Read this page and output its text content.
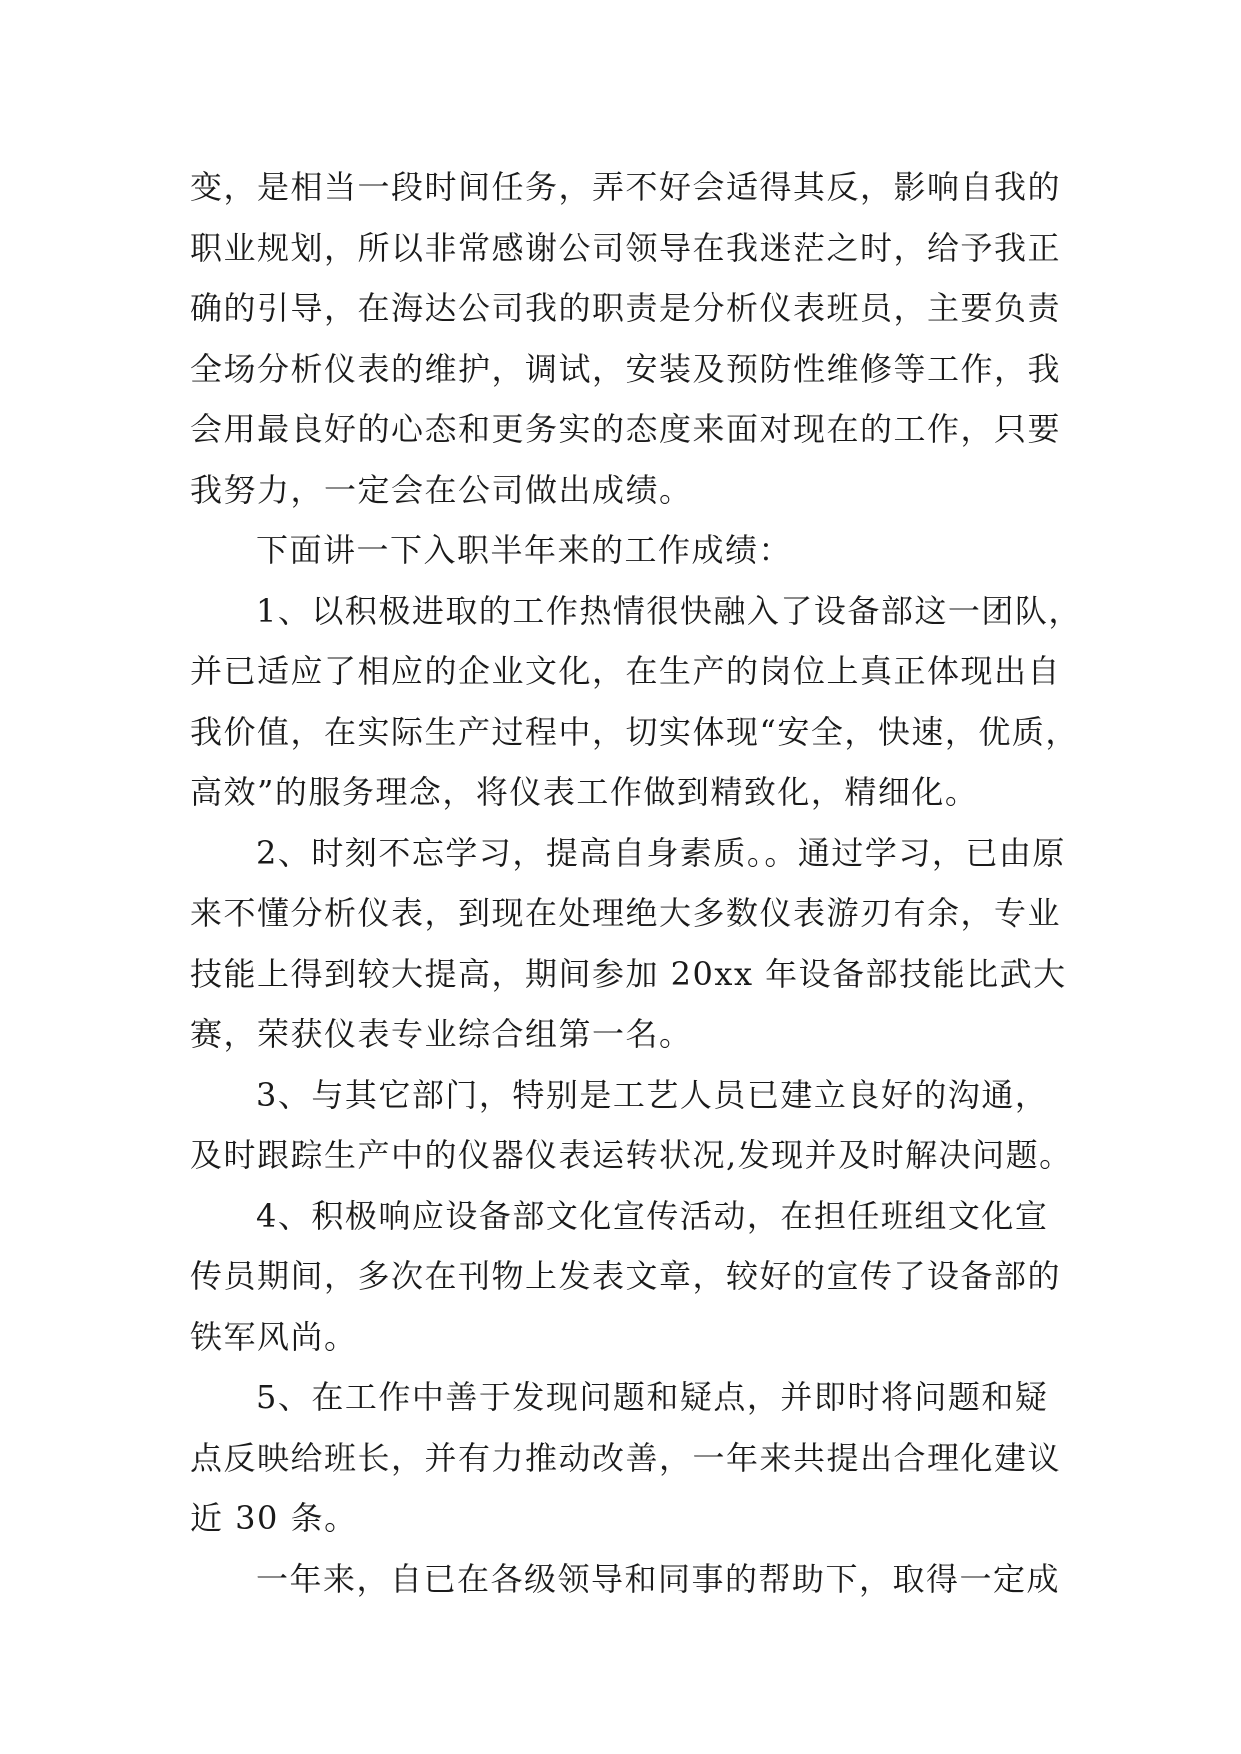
变，是相当一段时间任务，弄不好会适得其反，影响自我的
职业规划，所以非常感谢公司领导在我迷茫之时，给予我正
确的引导，在海达公司我的职责是分析仪表班员，主要负责
全场分析仪表的维护，调试，安装及预防性维修等工作，我
会用最良好的心态和更务实的态度来面对现在的工作，只要
我努力，一定会在公司做出成绩。
下面讲一下入职半年来的工作成绩：
1、以积极进取的工作热情很快融入了设备部这一团队，
并已适应了相应的企业文化，在生产的岗位上真正体现出自
我价值，在实际生产过程中，切实体现“安全，快速，优质，
高效”的服务理念，将仪表工作做到精致化，精细化。
2、时刻不忘学习，提高自身素质。。通过学习，已由原
来不懂分析仪表，到现在处理绝大多数仪表游刃有余，专业
技能上得到较大提高，期间参加 20xx 年设备部技能比武大
赛，荣获仪表专业综合组第一名。
3、与其它部门，特别是工艺人员已建立良好的沟通，
及时跟踪生产中的仪器仪表运转状况,发现并及时解决问题。
4、积极响应设备部文化宣传活动，在担任班组文化宣
传员期间，多次在刊物上发表文章，较好的宣传了设备部的
铁军风尚。
5、在工作中善于发现问题和疑点，并即时将问题和疑
点反映给班长，并有力推动改善，一年来共提出合理化建议
近 30 条。
一年来，自已在各级领导和同事的帮助下，取得一定成
